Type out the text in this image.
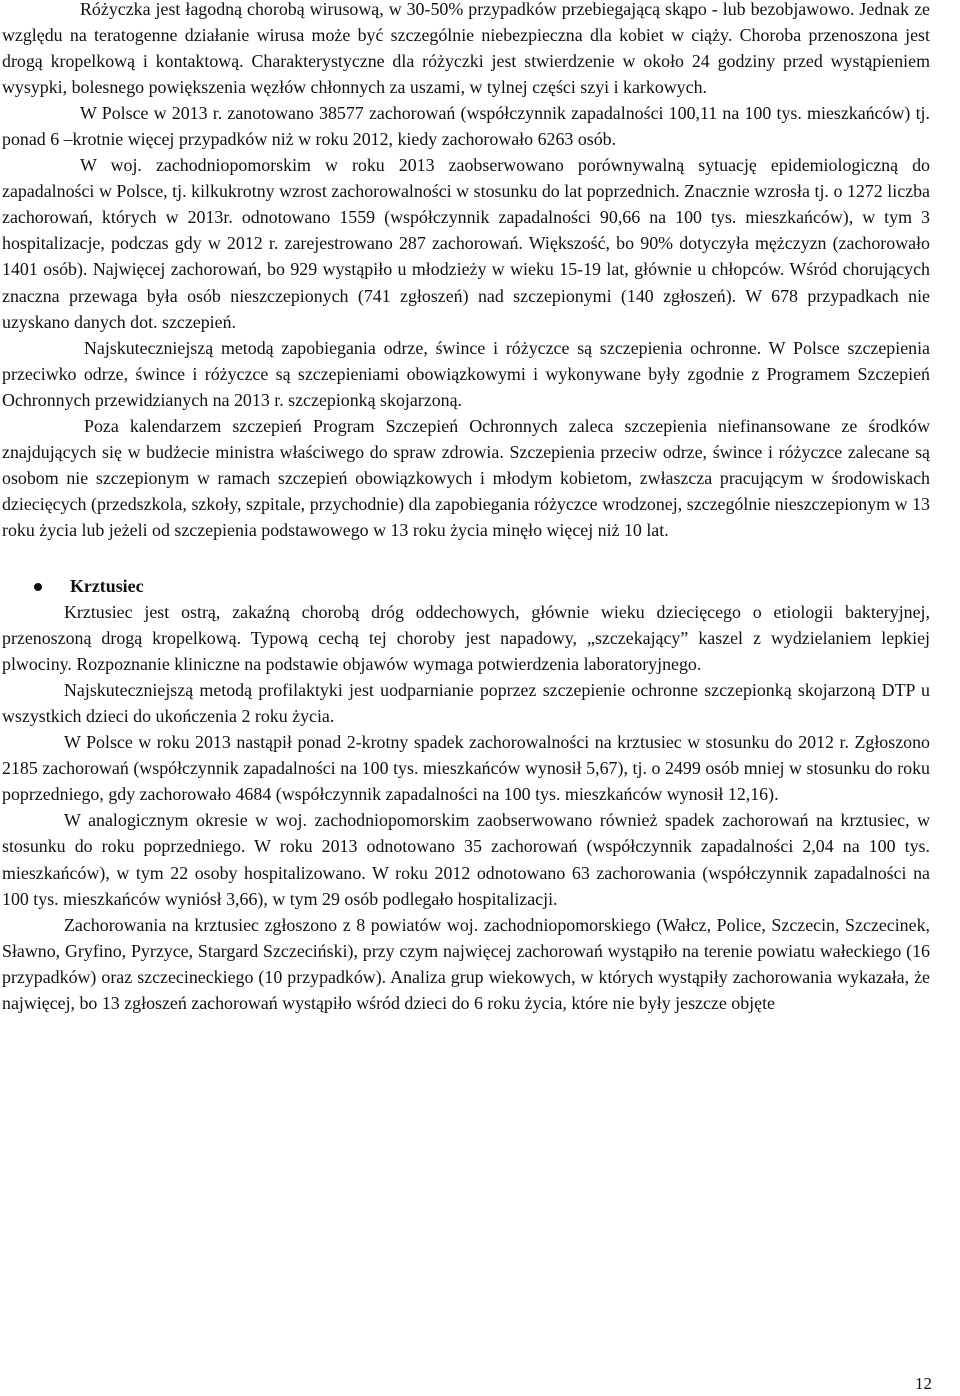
Różyczka jest łagodną chorobą wirusową, w 30-50% przypadków przebiegającą skąpo - lub bezobjawowo. Jednak ze względu na teratogenne działanie wirusa może być szczególnie niebezpieczna dla kobiet w ciąży. Choroba przenoszona jest drogą kropelkową i kontaktową. Charakterystyczne dla różyczki jest stwierdzenie w około 24 godziny przed wystąpieniem wysypki, bolesnego powiększenia węzłów chłonnych za uszami, w tylnej części szyi i karkowych.

W Polsce w 2013 r. zanotowano 38577 zachorowań (współczynnik zapadalności 100,11 na 100 tys. mieszkańców) tj. ponad 6 –krotnie więcej przypadków niż w roku 2012, kiedy zachorowało 6263 osób.

W woj. zachodniopomorskim w roku 2013 zaobserwowano porównywalną sytuację epidemiologiczną do zapadalności w Polsce, tj. kilkukrotny wzrost zachorowalności w stosunku do lat poprzednich. Znacznie wzrosła tj. o 1272 liczba zachorowań, których w 2013r. odnotowano 1559 (współczynnik zapadalności 90,66 na 100 tys. mieszkańców), w tym 3 hospitalizacje, podczas gdy w 2012 r. zarejestrowano 287 zachorowań. Większość, bo 90% dotyczyła mężczyzn (zachorowało 1401 osób). Najwięcej zachorowań, bo 929 wystąpiło u młodzieży w wieku 15-19 lat, głównie u chłopców. Wśród chorujących znaczna przewaga była osób nieszczepionych (741 zgłoszeń) nad szczepionymi (140 zgłoszeń). W 678 przypadkach nie uzyskano danych dot. szczepień.

Najskuteczniejszą metodą zapobiegania odrze, śwince i różyczce są szczepienia ochronne. W Polsce szczepienia przeciwko odrze, śwince i różyczce są szczepieniami obowiązkowymi i wykonywane były zgodnie z Programem Szczepień Ochronnych przewidzianych na 2013 r. szczepionką skojarzoną.

Poza kalendarzem szczepień Program Szczepień Ochronnych zaleca szczepienia niefinansowane ze środków znajdujących się w budżecie ministra właściwego do spraw zdrowia. Szczepienia przeciw odrze, śwince i różyczce zalecane są osobom nie szczepionym w ramach szczepień obowiązkowych i młodym kobietom, zwłaszcza pracującym w środowiskach dziecięcych (przedszkola, szkoły, szpitale, przychodnie) dla zapobiegania różyczce wrodzonej, szczególnie nieszczepionym w 13 roku życia lub jeżeli od szczepienia podstawowego w 13 roku życia minęło więcej niż 10 lat.

Krztusiec

Krztusiec jest ostrą, zakaźną chorobą dróg oddechowych, głównie wieku dziecięcego o etiologii bakteryjnej, przenoszoną drogą kropelkową. Typową cechą tej choroby jest napadowy, „szczekający” kaszel z wydzielaniem lepkiej plwociny. Rozpoznanie kliniczne na podstawie objawów wymaga potwierdzenia laboratoryjnego.

Najskuteczniejszą metodą profilaktyki jest uodparnianie poprzez szczepienie ochronne szczepionką skojarzoną DTP u wszystkich dzieci do ukończenia 2 roku życia.

W Polsce w roku 2013 nastąpił ponad 2-krotny spadek zachorowalności na krztusiec w stosunku do 2012 r. Zgłoszono 2185 zachorowań (współczynnik zapadalności na 100 tys. mieszkańców wynosił 5,67), tj. o 2499 osób mniej w stosunku do roku poprzedniego, gdy zachorowało 4684 (współczynnik zapadalności na 100 tys. mieszkańców wynosił 12,16).

W analogicznym okresie w woj. zachodniopomorskim zaobserwowano również spadek zachorowań na krztusiec, w stosunku do roku poprzedniego. W roku 2013 odnotowano 35 zachorowań (współczynnik zapadalności 2,04 na 100 tys. mieszkańców), w tym 22 osoby hospitalizowano. W roku 2012 odnotowano 63 zachorowania (współczynnik zapadalności na 100 tys. mieszkańców wyniósł 3,66), w tym 29 osób podlegało hospitalizacji.

Zachorowania na krztusiec zgłoszono z 8 powiatów woj. zachodniopomorskiego (Wałcz, Police, Szczecin, Szczecinek, Sławno, Gryfino, Pyrzyce, Stargard Szczeciński), przy czym najwięcej zachorowań wystąpiło na terenie powiatu wałeckiego (16 przypadków) oraz szczecineckiego (10 przypadków). Analiza grup wiekowych, w których wystąpiły zachorowania wykazała, że najwięcej, bo 13 zgłoszeń zachorowań wystąpiło wśród dzieci do 6 roku życia, które nie były jeszcze objęte

12
